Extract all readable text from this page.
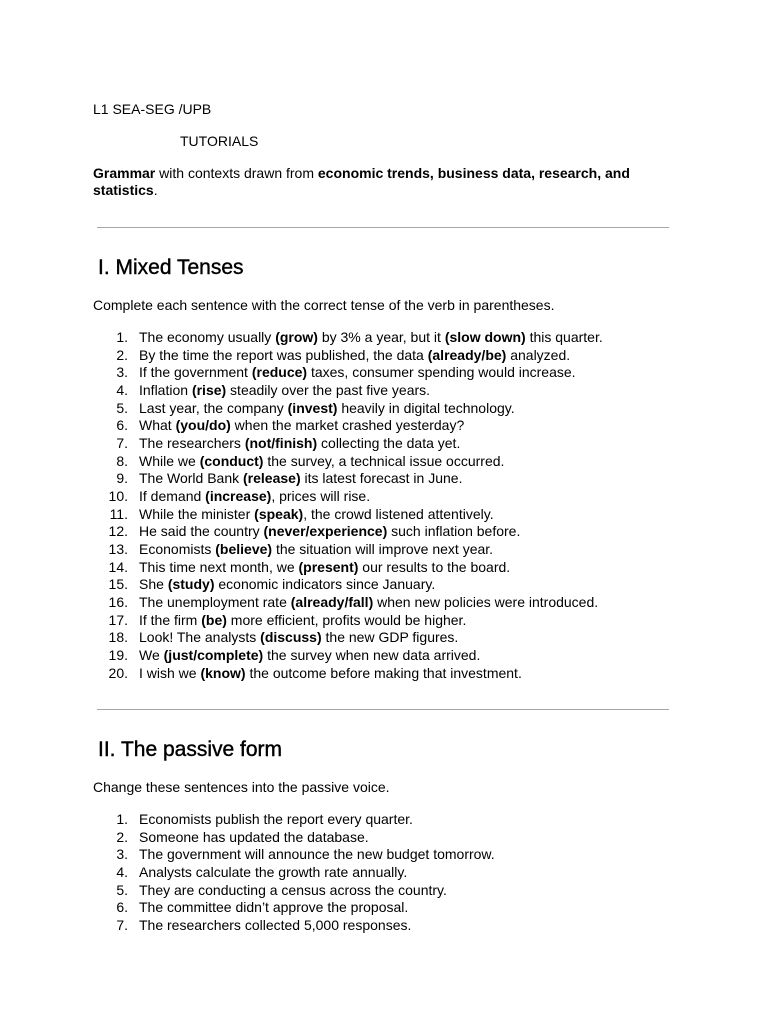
L1 SEA-SEG /UPB
TUTORIALS
Grammar with contexts drawn from economic trends, business data, research, and statistics.
I. Mixed Tenses
Complete each sentence with the correct tense of the verb in parentheses.
1. The economy usually (grow) by 3% a year, but it (slow down) this quarter.
2. By the time the report was published, the data (already/be) analyzed.
3. If the government (reduce) taxes, consumer spending would increase.
4. Inflation (rise) steadily over the past five years.
5. Last year, the company (invest) heavily in digital technology.
6. What (you/do) when the market crashed yesterday?
7. The researchers (not/finish) collecting the data yet.
8. While we (conduct) the survey, a technical issue occurred.
9. The World Bank (release) its latest forecast in June.
10. If demand (increase), prices will rise.
11. While the minister (speak), the crowd listened attentively.
12. He said the country (never/experience) such inflation before.
13. Economists (believe) the situation will improve next year.
14. This time next month, we (present) our results to the board.
15. She (study) economic indicators since January.
16. The unemployment rate (already/fall) when new policies were introduced.
17. If the firm (be) more efficient, profits would be higher.
18. Look! The analysts (discuss) the new GDP figures.
19. We (just/complete) the survey when new data arrived.
20. I wish we (know) the outcome before making that investment.
II. The passive form
Change these sentences into the passive voice.
1. Economists publish the report every quarter.
2. Someone has updated the database.
3. The government will announce the new budget tomorrow.
4. Analysts calculate the growth rate annually.
5. They are conducting a census across the country.
6. The committee didn’t approve the proposal.
7. The researchers collected 5,000 responses.
